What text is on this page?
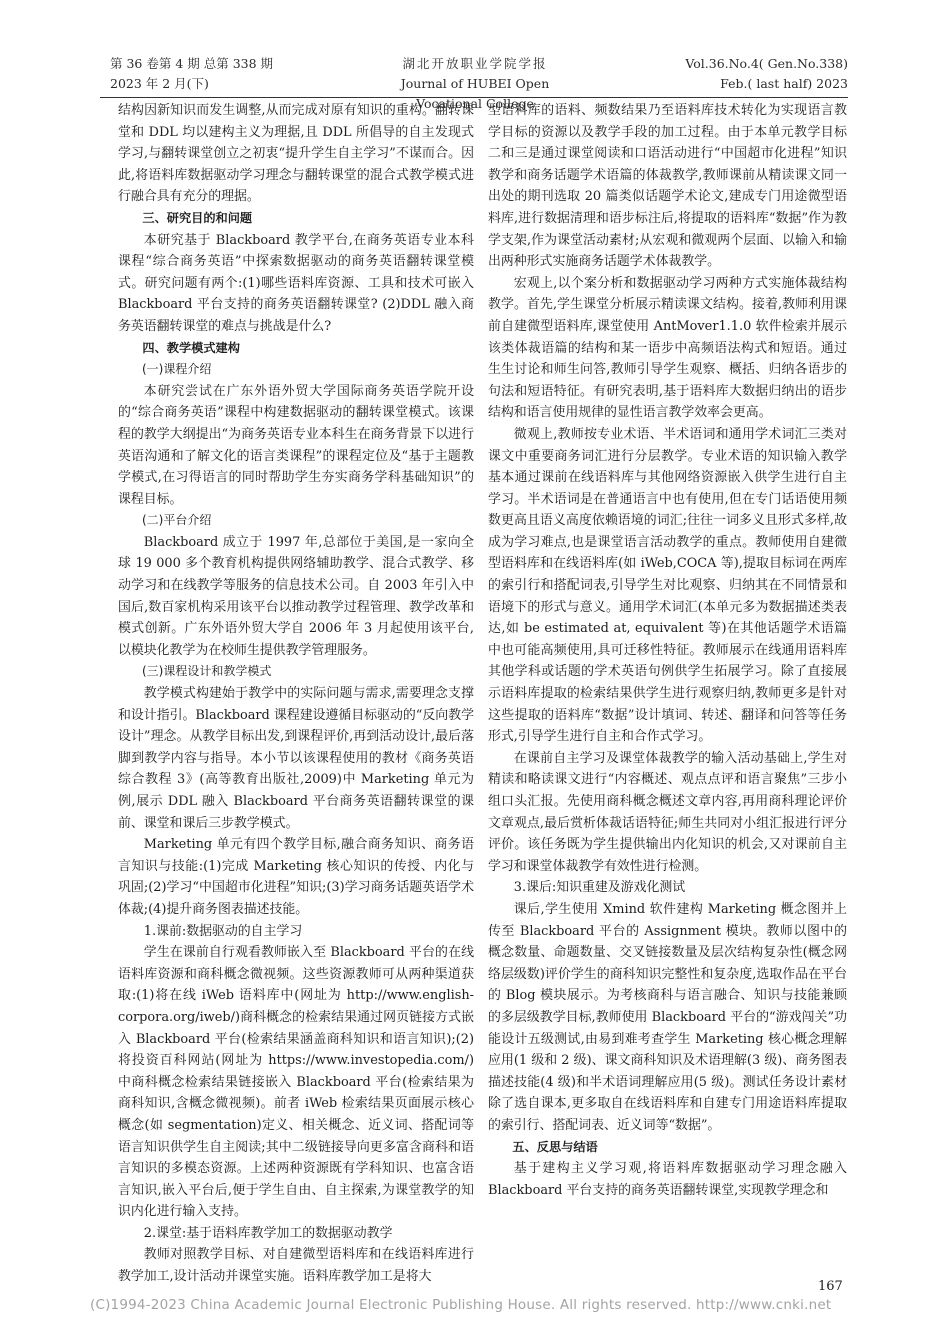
第 36 卷第 4 期 总第 338 期
2023 年 2 月(下)
湖北开放职业学院学报
Journal of HUBEI Open Vocational College
Vol.36.No.4( Gen.No.338)
Feb.( last half) 2023

结构因新知识而发生调整,从而完成对原有知识的重构。翻转课堂和 DDL 均以建构主义为理据,且 DDL 所倡导的自主发现式学习,与翻转课堂创立之初衷“提升学生自主学习”不谋而合。因此,将语料库数据驱动学习理念与翻转课堂的混合式教学模式进行融合具有充分的理据。

三、研究目的和问题

本研究基于 Blackboard 教学平台,在商务英语专业本科课程“综合商务英语”中探索数据驱动的商务英语翻转课堂模式。研究问题有两个:(1)哪些语料库资源、工具和技术可嵌入 Blackboard 平台支持的商务英语翻转课堂? (2)DDL 融入商务英语翻转课堂的难点与挑战是什么?

四、教学模式建构

(一)课程介绍

本研究尝试在广东外语外贸大学国际商务英语学院开设的“综合商务英语”课程中构建数据驱动的翻转课堂模式。该课程的教学大纲提出“为商务英语专业本科生在商务背景下以进行英语沟通和了解文化的语言类课程”的课程定位及“基于主题教学模式,在习得语言的同时帮助学生夯实商务学科基础知识”的课程目标。

(二)平台介绍

Blackboard 成立于 1997 年,总部位于美国,是一家向全球 19 000 多个教育机构提供网络辅助教学、混合式教学、移动学习和在线教学等服务的信息技术公司。自 2003 年引入中国后,数百家机构采用该平台以推动教学过程管理、教学改革和模式创新。广东外语外贸大学自 2006 年 3 月起使用该平台,以模块化教学为在校师生提供教学管理服务。

(三)课程设计和教学模式

教学模式构建始于教学中的实际问题与需求,需要理念支撑和设计指引。Blackboard 课程建设遵循目标驱动的“反向教学设计”理念。从教学目标出发,到课程评价,再到活动设计,最后落脚到教学内容与指导。本小节以该课程使用的教材《商务英语综合教程 3》(高等教育出版社,2009)中 Marketing 单元为例,展示 DDL 融入 Blackboard 平台商务英语翻转课堂的课前、课堂和课后三步教学模式。

Marketing 单元有四个教学目标,融合商务知识、商务语言知识与技能:(1)完成 Marketing 核心知识的传授、内化与巩固;(2)学习“中国超市化进程”知识;(3)学习商务话题英语学术体裁;(4)提升商务图表描述技能。

1.课前:数据驱动的自主学习

学生在课前自行观看教师嵌入至 Blackboard 平台的在线语料库资源和商科概念微视频。这些资源教师可从两种渠道获取:(1)将在线 iWeb 语料库中(网址为 http://www.english-corpora.org/iweb/)商科概念的检索结果通过网页链接方式嵌入 Blackboard 平台(检索结果涵盖商科知识和语言知识);(2)将投资百科网站(网址为 https://www.investopedia.com/)中商科概念检索结果链接嵌入 Blackboard 平台(检索结果为商科知识,含概念微视频)。前者 iWeb 检索结果页面展示核心概念(如 segmentation)定义、相关概念、近义词、搭配词等语言知识供学生自主阅读;其中二级链接导向更多富含商科和语言知识的多模态资源。上述两种资源既有学科知识、也富含语言知识,嵌入平台后,便于学生自由、自主探索,为课堂教学的知识内化进行输入支持。

2.课堂:基于语料库教学加工的数据驱动教学

教师对照教学目标、对自建微型语料库和在线语料库进行教学加工,设计活动并课堂实施。语料库教学加工是将大

型语料库的语料、频数结果乃至语料库技术转化为实现语言教学目标的资源以及教学手段的加工过程。由于本单元教学目标二和三是通过课堂阅读和口语活动进行“中国超市化进程”知识教学和商务话题学术语篇的体裁教学,教师课前从精读课文同一出处的期刊选取 20 篇类似话题学术论文,建成专门用途微型语料库,进行数据清理和语步标注后,将提取的语料库“数据”作为教学支架,作为课堂活动素材;从宏观和微观两个层面、以输入和输出两种形式实施商务话题学术体裁教学。

宏观上,以个案分析和数据驱动学习两种方式实施体裁结构教学。首先,学生课堂分析展示精读课文结构。接着,教师利用课前自建微型语料库,课堂使用 AntMover1.1.0 软件检索并展示该类体裁语篇的结构和某一语步中高频语法构式和短语。通过生生讨论和师生问答,教师引导学生观察、概括、归纳各语步的句法和短语特征。有研究表明,基于语料库大数据归纳出的语步结构和语言使用规律的显性语言教学效率会更高。

微观上,教师按专业术语、半术语词和通用学术词汇三类对课文中重要商务词汇进行分层教学。专业术语的知识输入教学基本通过课前在线语料库与其他网络资源嵌入供学生进行自主学习。半术语词是在普通语言中也有使用,但在专门话语使用频数更高且语义高度依赖语境的词汇;往往一词多义且形式多样,故成为学习难点,也是课堂语言活动教学的重点。教师使用自建微型语料库和在线语料库(如 iWeb,COCA 等),提取目标词在两库的索引行和搭配词表,引导学生对比观察、归纳其在不同情景和语境下的形式与意义。通用学术词汇(本单元多为数据描述类表达,如 be estimated at, equivalent 等)在其他话题学术语篇中也可能高频使用,具可迁移性特征。教师展示在线通用语料库其他学科或话题的学术英语句例供学生拓展学习。除了直接展示语料库提取的检索结果供学生进行观察归纳,教师更多是针对这些提取的语料库“数据”设计填词、转述、翻译和问答等任务形式,引导学生进行自主和合作式学习。

在课前自主学习及课堂体裁教学的输入活动基础上,学生对精读和略读课文进行“内容概述、观点点评和语言聚焦”三步小组口头汇报。先使用商科概念概述文章内容,再用商科理论评价文章观点,最后赏析体裁话语特征;师生共同对小组汇报进行评分评价。该任务既为学生提供输出内化知识的机会,又对课前自主学习和课堂体裁教学有效性进行检测。

3.课后:知识重建及游戏化测试

课后,学生使用 Xmind 软件建构 Marketing 概念图并上传至 Blackboard 平台的 Assignment 模块。教师以图中的概念数量、命题数量、交叉链接数量及层次结构复杂性(概念网络层级数)评价学生的商科知识完整性和复杂度,选取作品在平台的 Blog 模块展示。为考核商科与语言融合、知识与技能兼顾的多层级教学目标,教师使用 Blackboard 平台的“游戏闯关”功能设计五级测试,由易到难考查学生 Marketing 核心概念理解应用(1 级和 2 级)、课文商科知识及术语理解(3 级)、商务图表描述技能(4 级)和半术语词理解应用(5 级)。测试任务设计素材除了选自课本,更多取自在线语料库和自建专门用途语料库提取的索引行、搭配词表、近义词等“数据”。

五、反思与结语

基于建构主义学习观,将语料库数据驱动学习理念融入 Blackboard 平台支持的商务英语翻转课堂,实现教学理念和

167
(C)1994-2023 China Academic Journal Electronic Publishing House. All rights reserved. http://www.cnki.net
